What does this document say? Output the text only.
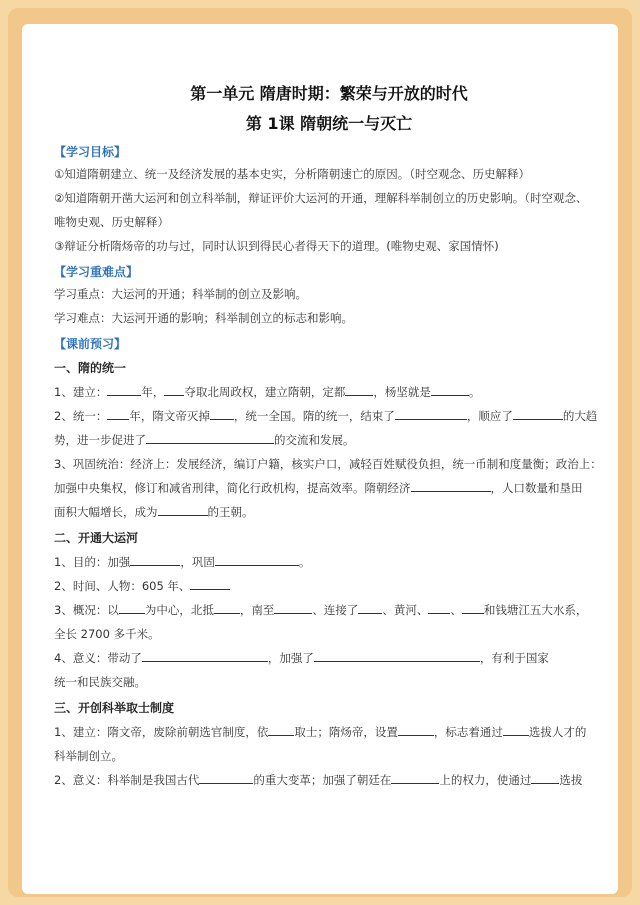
第一单元 隋唐时期：繁荣与开放的时代

第 1课 隋朝统一与灭亡

【学习目标】

①知道隋朝建立、统一及经济发展的基本史实，分析隋朝速亡的原因。（时空观念、历史解释）

②知道隋朝开凿大运河和创立科举制，辩证评价大运河的开通，理解科举制创立的历史影响。（时空观念、

唯物史观、历史解释）

③辩证分析隋炀帝的功与过，同时认识到得民心者得天下的道理。(唯物史观、家国情怀)

【学习重难点】

学习重点：大运河的开通；科举制的创立及影响。

学习难点：大运河开通的影响；科举制创立的标志和影响。

【课前预习】
一、隋的统一

1、建立：	年， 夺取北周政权，建立隋朝，定都 ，杨坚就是	。

2、统一： 年，隋文帝灭掉 ，统一全国。隋的统一，结束了	，顺应了	的大趋

势，进一步促进了	的交流和发展。

3、巩固统治：经济上：发展经济，编订户籍，核实户口，减轻百姓赋役负担，统一币制和度量衡；政治上：

加强中央集权，修订和减省刑律，简化行政机构，提高效率。隋朝经济	，人口数量和垦田

面积大幅增长，成为	的王朝。

二、开通大运河

1、目的：加强	，巩固	。

2、时间、人物：605 年、

3、概况：以 为中心，北抵 ，南至	、连接了 、黄河、 、 和钱塘江五大水系，

全长 2700 多千米。

4、意义：带动了	，加强了	，有利于国家

统一和民族交融。

三、开创科举取士制度

1、建立：隋文帝，废除前朝选官制度，依 取士；隋炀帝，设置	，标志着通过 选拔人才的

科举制创立。

2、意义：科举制是我国古代	的重大变革；加强了朝廷在	上的权力，使通过 选拔
